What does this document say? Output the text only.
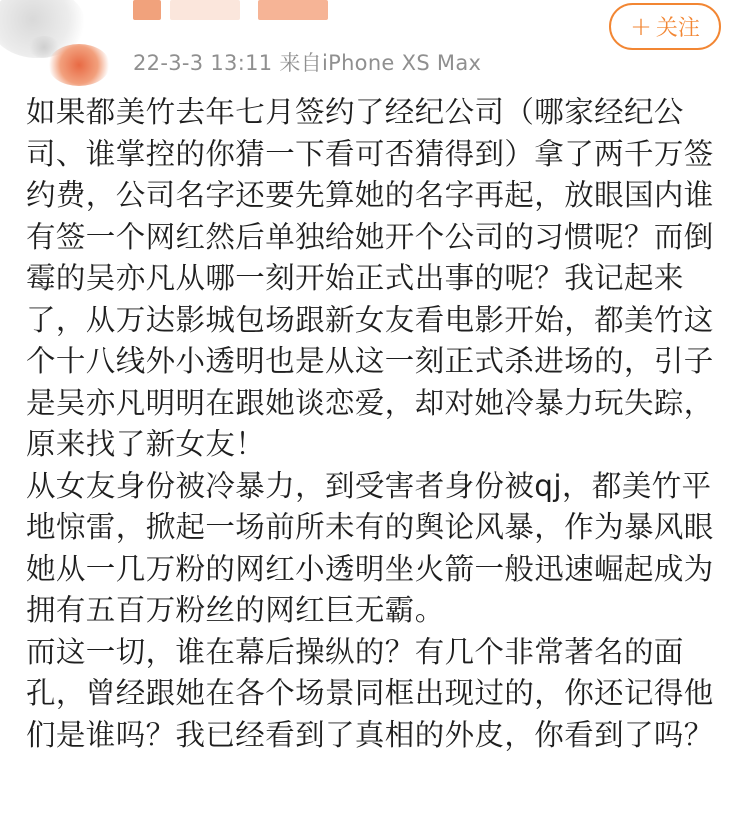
22-3-3 13:11 来自iPhone XS Max
+ 关注

如果都美竹去年七月签约了经纪公司（哪家经纪公司、谁掌控的你猜一下看可否猜得到）拿了两千万签约费，公司名字还要先算她的名字再起，放眼国内谁有签一个网红然后单独给她开个公司的习惯呢？而倒霉的吴亦凡从哪一刻开始正式出事的呢？我记起来了，从万达影城包场跟新女友看电影开始，都美竹这个十八线外小透明也是从这一刻正式杀进场的，引子是吴亦凡明明在跟她谈恋爱，却对她冷暴力玩失踪，原来找了新女友！

从女友身份被冷暴力，到受害者身份被qj，都美竹平地惊雷，掀起一场前所未有的舆论风暴，作为暴风眼她从一几万粉的网红小透明坐火箭一般迅速崛起成为拥有五百万粉丝的网红巨无霸。

而这一切，谁在幕后操纵的？有几个非常著名的面孔，曾经跟她在各个场景同框出现过的，你还记得他们是谁吗？我已经看到了真相的外皮，你看到了吗？
